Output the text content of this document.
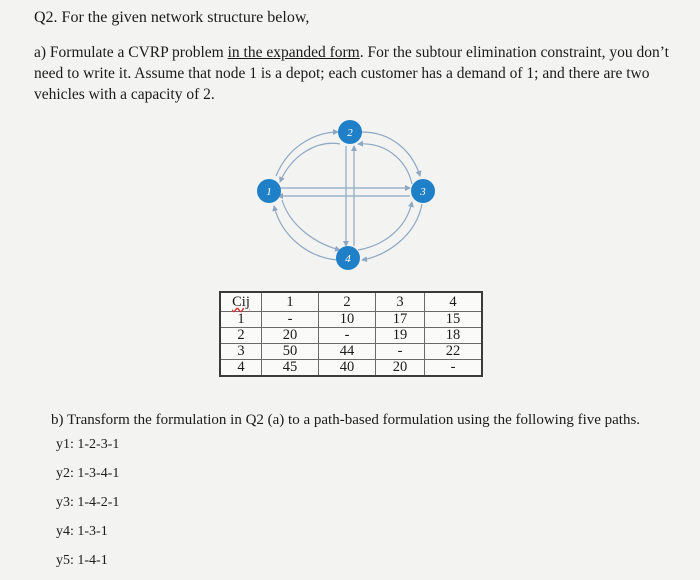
Q2. For the given network structure below,
a) Formulate a CVRP problem in the expanded form. For the subtour elimination constraint, you don’t need to write it. Assume that node 1 is a depot; each customer has a demand of 1; and there are two vehicles with a capacity of 2.
1
2
3
4
Cij	1	2	3	4
1	-	10	17	15
2	20	-	19	18
3	50	44	-	22
4	45	40	20	-
b) Transform the formulation in Q2 (a) to a path-based formulation using the following five paths.
y1: 1-2-3-1
y2: 1-3-4-1
y3: 1-4-2-1
y4: 1-3-1
y5: 1-4-1
